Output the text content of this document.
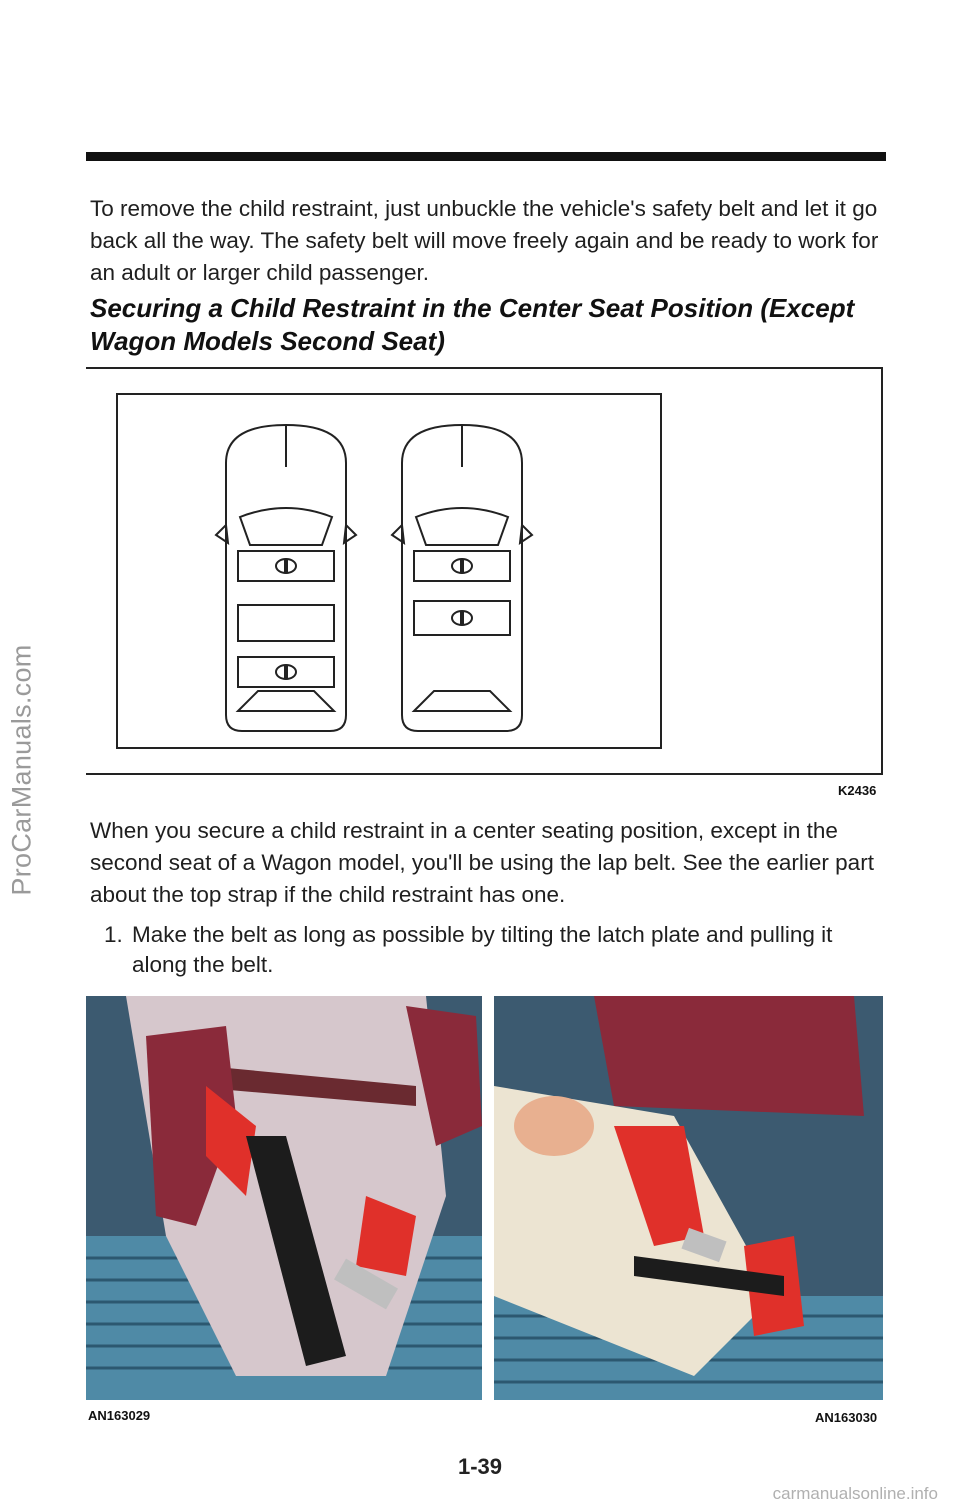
ProCarManuals.com
To remove the child restraint, just unbuckle the vehicle's safety belt and let it go back all the way. The safety belt will move freely again and be ready to work for an adult or larger child passenger.
Securing a Child Restraint in the Center Seat Position (Except Wagon Models Second Seat)
K2436
When you secure a child restraint in a center seating position, except in the second seat of a Wagon model, you'll be using the lap belt. See the earlier part about the top strap if the child restraint has one.
1. Make the belt as long as possible by tilting the latch plate and pulling it along the belt.
AN163029	AN163030
1-39
carmanualsonline.info
